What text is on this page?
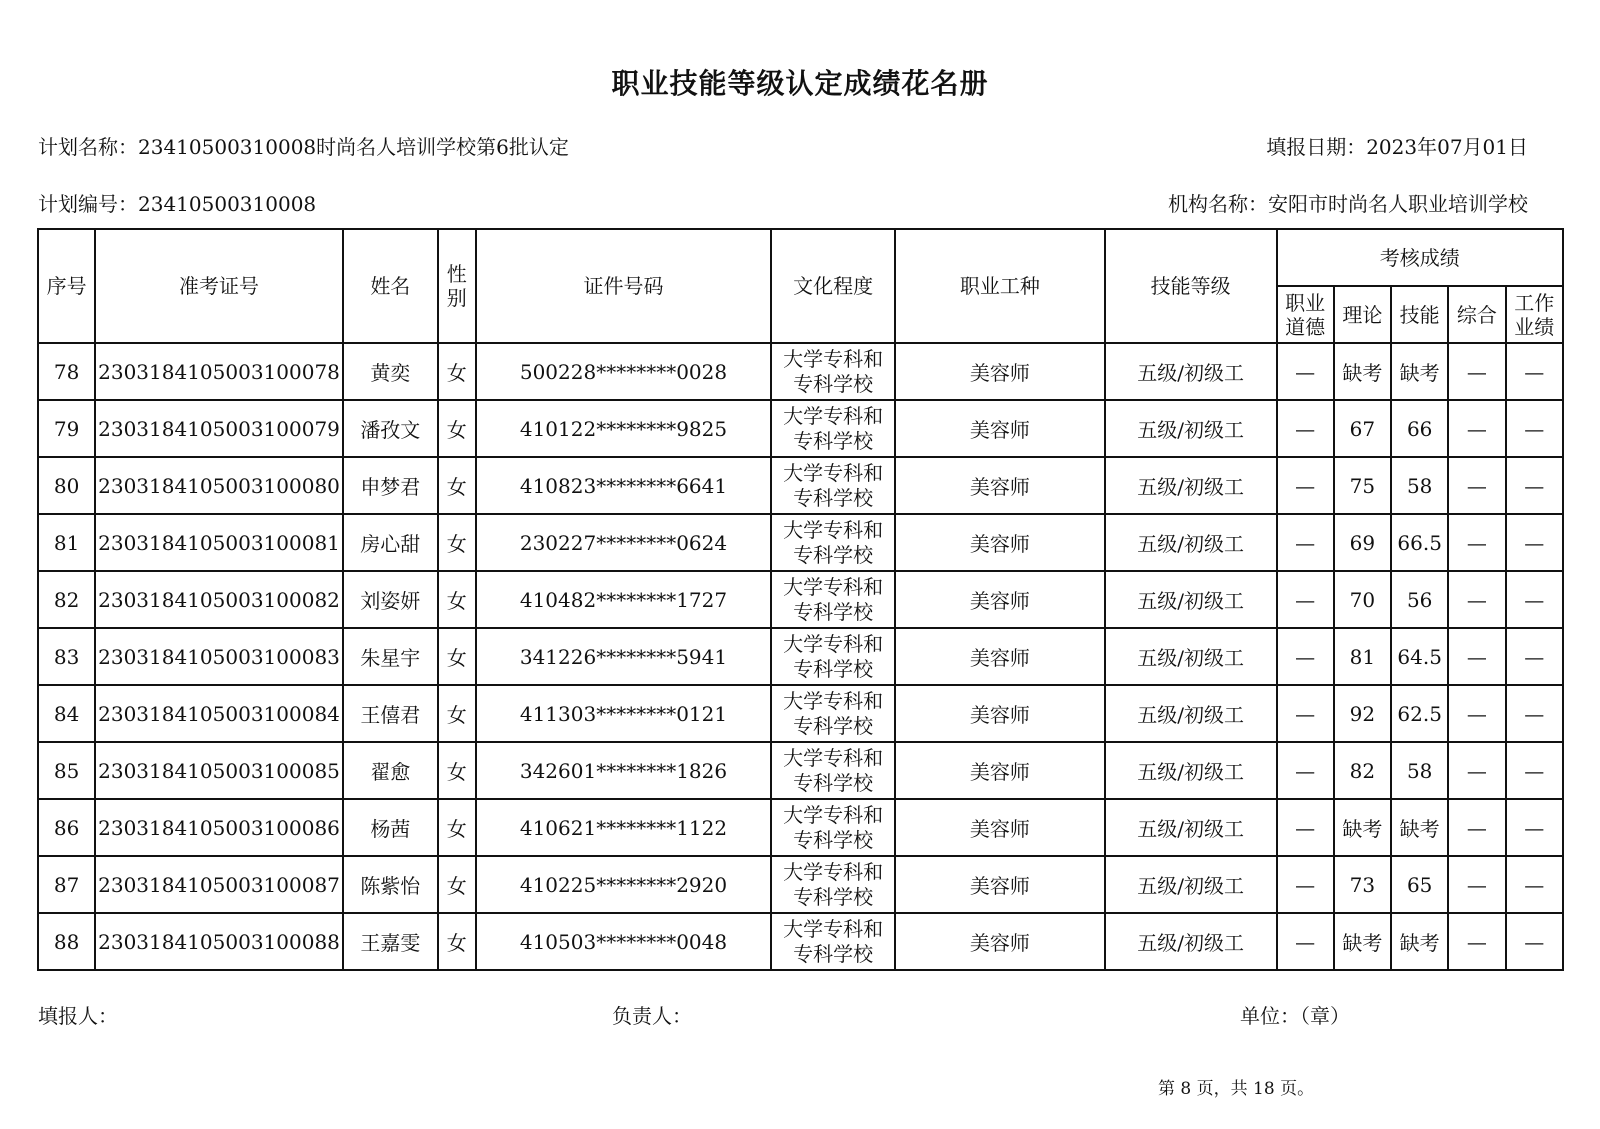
职业技能等级认定成绩花名册
计划名称：23410500310008时尚名人培训学校第6批认定	填报日期：2023年07月01日
计划编号：23410500310008	机构名称：安阳市时尚名人职业培训学校
序号	准考证号	姓名	性
别	证件号码	文化程度	职业工种	技能等级	考核成绩				

								职业
道德	理论	技能	综合	工作
业绩

78	2303184105003100078	黄奕	女	500228********0028	大学专科和
专科学校	美容师	五级/初级工	—	缺考	缺考	—	—
79	2303184105003100079	潘孜文	女	410122********9825	大学专科和
专科学校	美容师	五级/初级工	—	67	66	—	—
80	2303184105003100080	申梦君	女	410823********6641	大学专科和
专科学校	美容师	五级/初级工	—	75	58	—	—
81	2303184105003100081	房心甜	女	230227********0624	大学专科和
专科学校	美容师	五级/初级工	—	69	66.5	—	—
82	2303184105003100082	刘姿妍	女	410482********1727	大学专科和
专科学校	美容师	五级/初级工	—	70	56	—	—
83	2303184105003100083	朱星宇	女	341226********5941	大学专科和
专科学校	美容师	五级/初级工	—	81	64.5	—	—
84	2303184105003100084	王僖君	女	411303********0121	大学专科和
专科学校	美容师	五级/初级工	—	92	62.5	—	—
85	2303184105003100085	翟愈	女	342601********1826	大学专科和
专科学校	美容师	五级/初级工	—	82	58	—	—
86	2303184105003100086	杨茜	女	410621********1122	大学专科和
专科学校	美容师	五级/初级工	—	缺考	缺考	—	—
87	2303184105003100087	陈紫怡	女	410225********2920	大学专科和
专科学校	美容师	五级/初级工	—	73	65	—	—
88	2303184105003100088	王嘉雯	女	410503********0048	大学专科和
专科学校	美容师	五级/初级工	—	缺考	缺考	—	—
填报人：	负责人：	单位：（章）
第 8 页，共 18 页。
